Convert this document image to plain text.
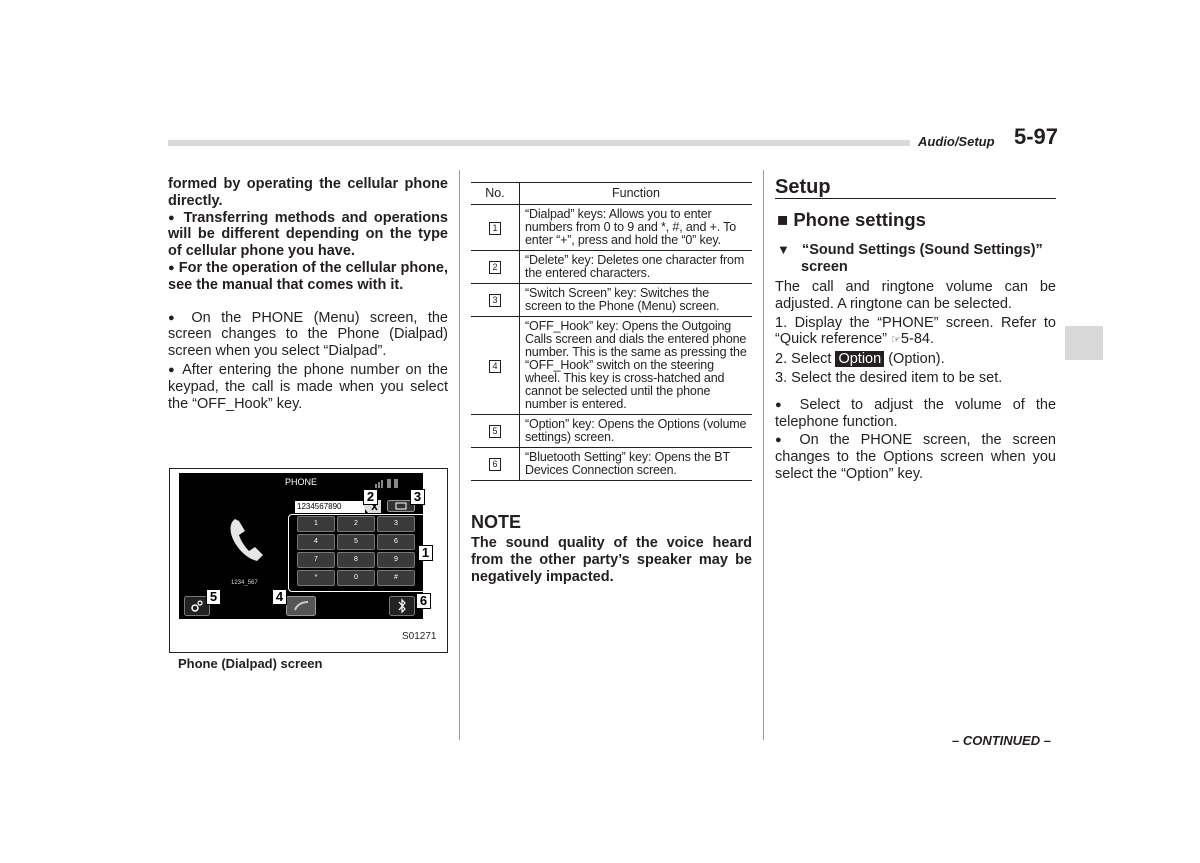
Audio/Setup 5-97

formed by operating the cellular phone directly.

● Transferring methods and operations will be different depending on the type of cellular phone you have.

● For the operation of the cellular phone, see the manual that comes with it.

● On the PHONE (Menu) screen, the screen changes to the Phone (Dialpad) screen when you select “Dialpad”.

● After entering the phone number on the keypad, the call is made when you select the “OFF_Hook” key.

PHONE
1234567890
1234_567
1	2	3
4	5	6
7	8	9
*	0	#
1
2	3
4
5	6
S01271
Phone (Dialpad) screen
No.	Function
1	“Dialpad” keys: Allows you to enter numbers from 0 to 9 and *, #, and +. To enter “+”, press and hold the “0” key.
2	“Delete” key: Deletes one character from the entered characters.
3	“Switch Screen” key: Switches the screen to the Phone (Menu) screen.
4	“OFF_Hook” key: Opens the Outgoing Calls screen and dials the entered phone number. This is the same as pressing the “OFF_Hook” switch on the steering wheel. This key is cross-hatched and cannot be selected until the phone number is entered.
5	“Option” key: Opens the Options (volume settings) screen.
6	“Bluetooth Setting” key: Opens the BT Devices Connection screen.
NOTE

The sound quality of the voice heard from the other party’s speaker may be negatively impacted.

Setup
■ Phone settings
▼ “Sound Settings (Sound Settings)” screen

The call and ringtone volume can be adjusted. A ringtone can be selected.

1. Display the “PHONE” screen. Refer to “Quick reference” ☞5-84.

2. Select Option (Option).

3. Select the desired item to be set.

● Select to adjust the volume of the telephone function.

● On the PHONE screen, the screen changes to the Options screen when you select the “Option” key.

– CONTINUED –
